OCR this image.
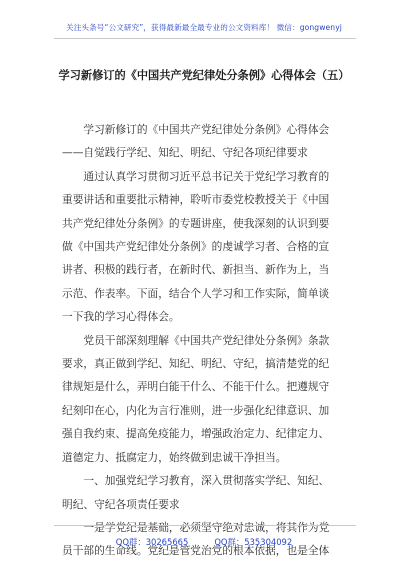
关注头条号“公文研究”，获得最新最全最专业的公文资料库！ 微信：gongwenyj
学习新修订的《中国共产党纪律处分条例》心得体会（五）

　　学习新修订的《中国共产党纪律处分条例》心得体会
——自觉践行学纪、知纪、明纪、守纪各项纪律要求

　　通过认真学习贯彻习近平总书记关于党纪学习教育的
重要讲话和重要批示精神，聆听市委党校教授关于《中国
共产党纪律处分条例》的专题讲座，使我深刻的认识到要
做《中国共产党纪律处分条例》的虔诚学习者、合格的宣
讲者、积极的践行者，在新时代、新担当、新作为上，当
示范、作表率。下面，结合个人学习和工作实际，简单谈
一下我的学习心得体会。

　　党员干部深刻理解《中国共产党纪律处分条例》条款
要求，真正做到学纪、知纪、明纪、守纪，搞清楚党的纪
律规矩是什么，弄明白能干什么、不能干什么。把遵规守
纪刻印在心，内化为言行准则，进一步强化纪律意识、加
强自我约束、提高免疫能力，增强政治定力、纪律定力、
道德定力、抵腐定力，始终做到忠诚干净担当。

　　一、加强党纪学习教育，深入贯彻落实学纪、知纪、
明纪、守纪各项责任要求

　　一是学党纪是基础，必须坚守绝对忠诚，将其作为党
员干部的生命线。党纪是管党治党的根本依据，也是全体

QQ群：30265665	QQ群：535304092
